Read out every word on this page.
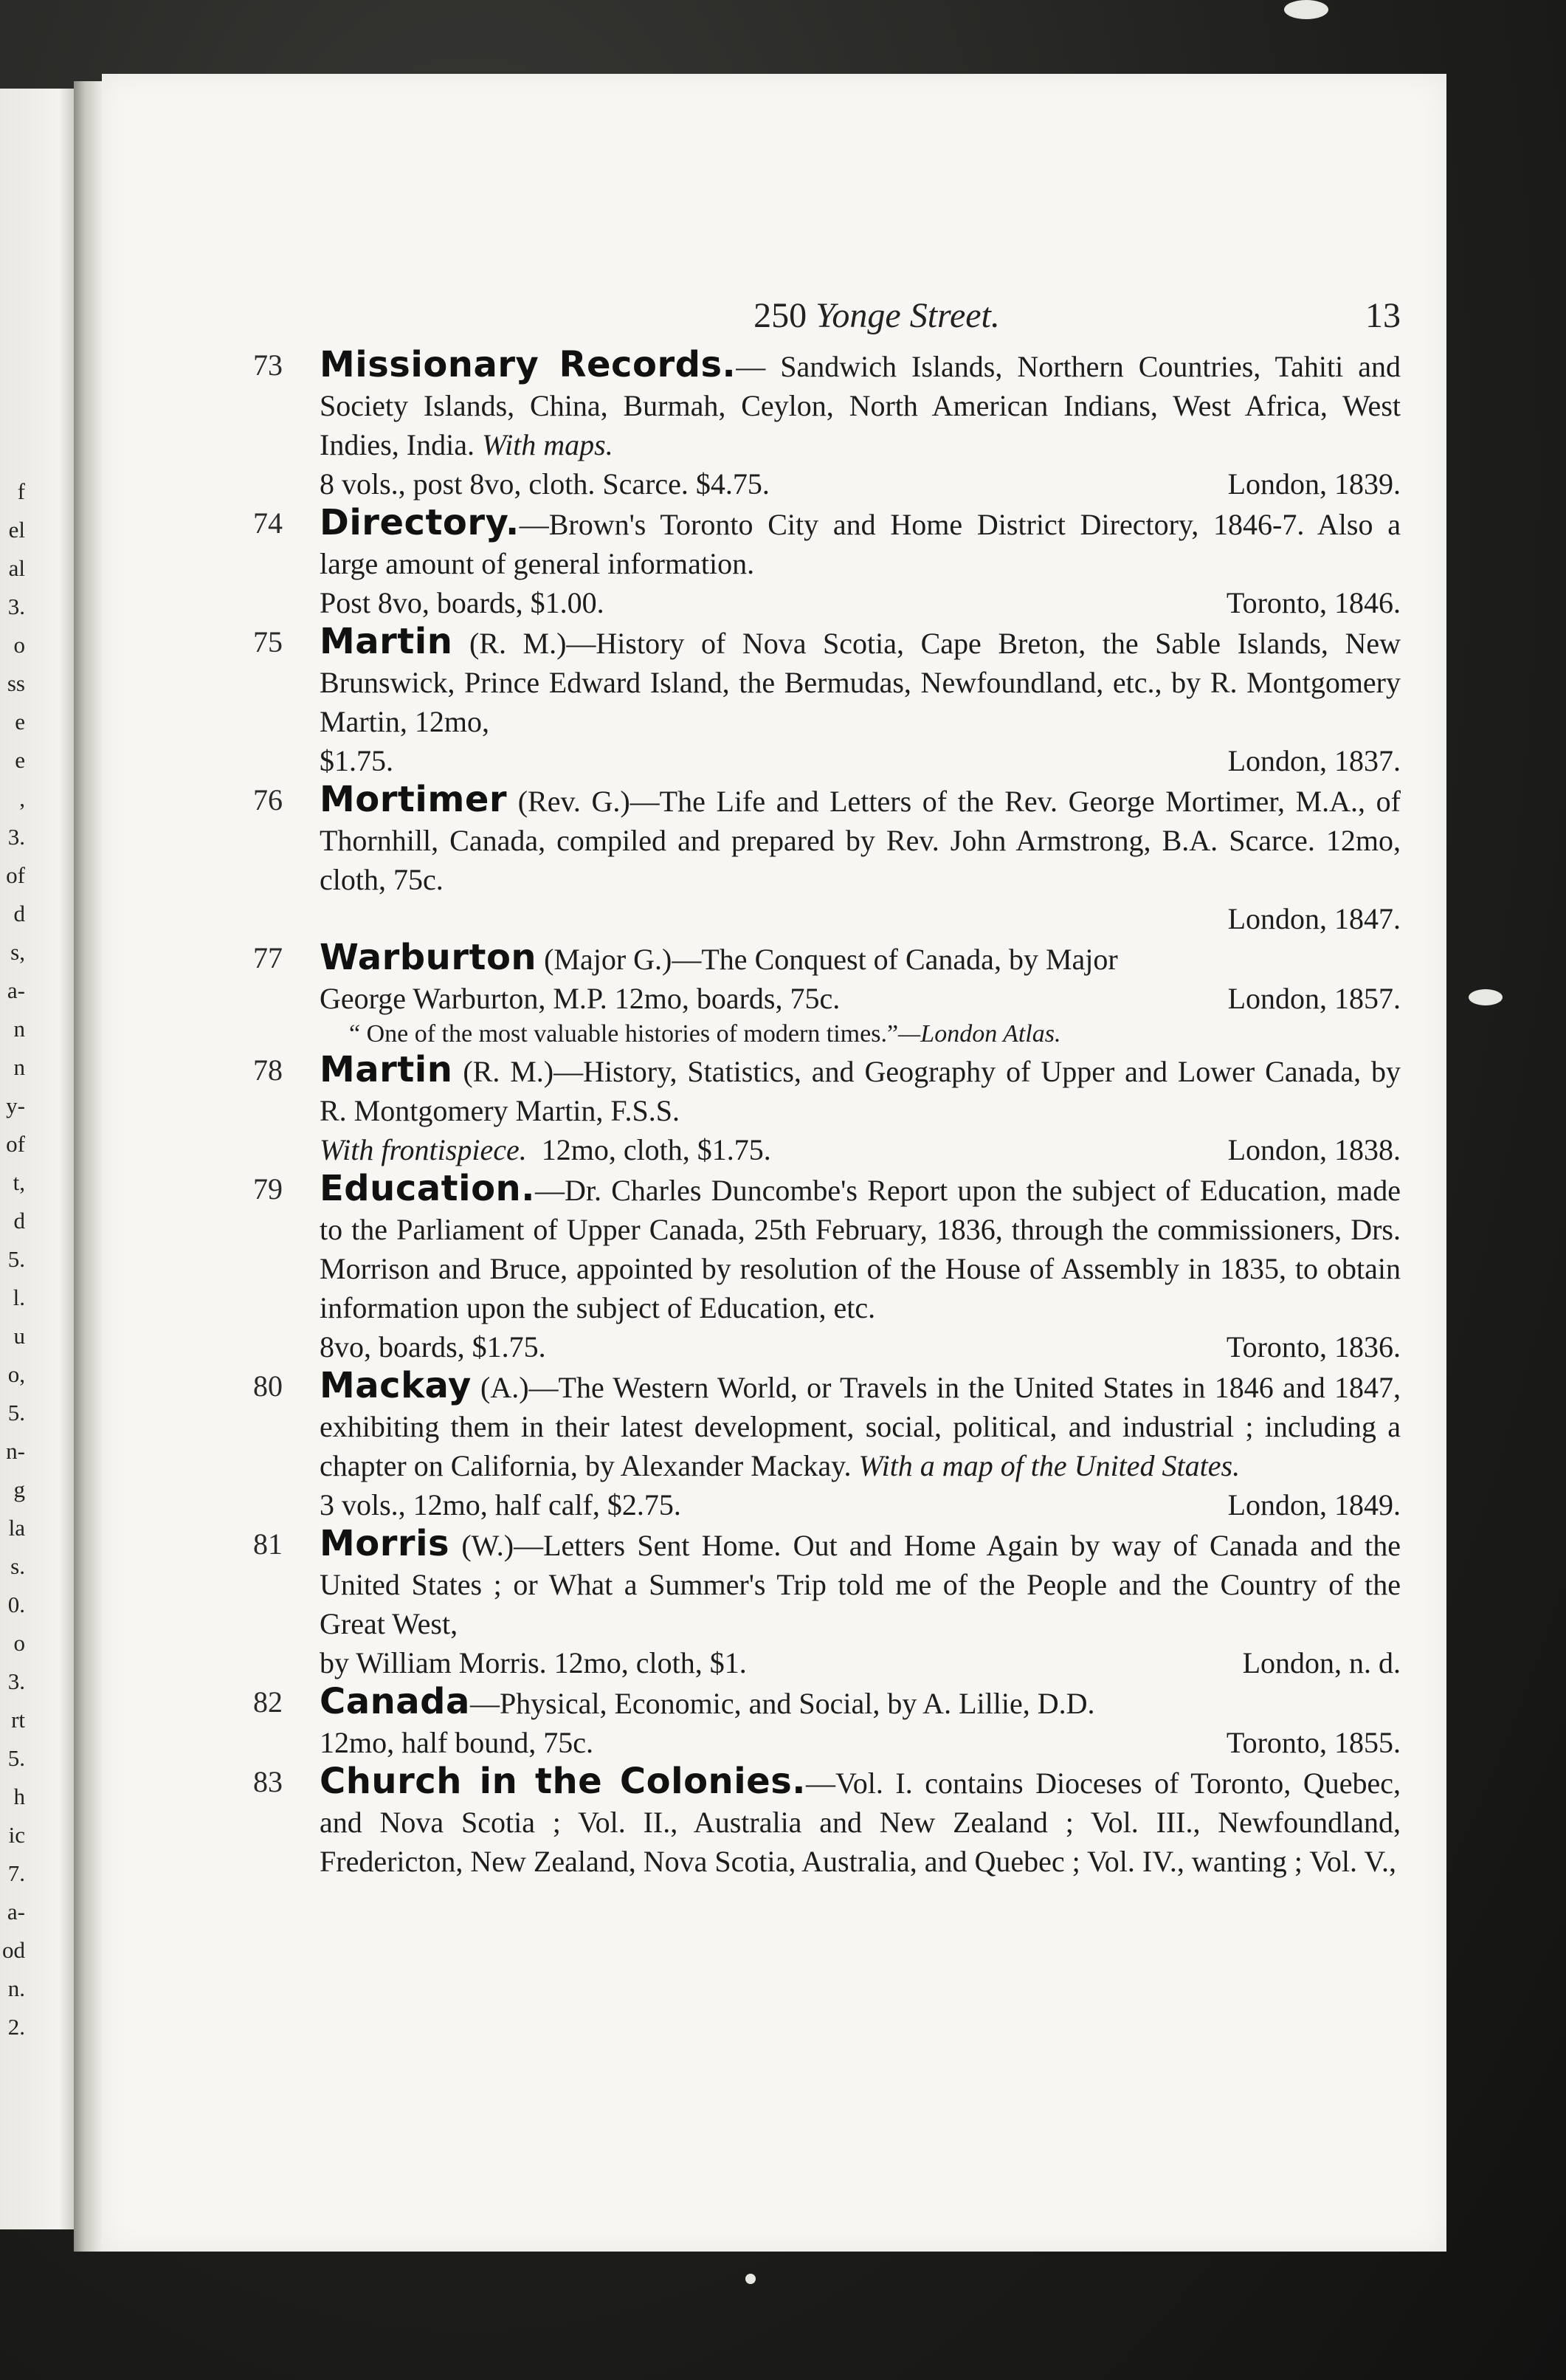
f
el
al
3.
o
ss
e
e
,
3.
of
d
s,
a-
n
n
y-
of
t,
d
5.
l.
u
o,
5.
n-
g
la
s.
0.
o
3.
rt
5.
h
ic
7.
a-
od
n.
2.
250 Yonge Street.	13

73	Missionary Records.— Sandwich Islands, Northern Countries, Tahiti and Society Islands, China, Burmah, Ceylon, North American Indians, West Africa, West Indies, India. With maps.
8 vols., post 8vo, cloth. Scarce. $4.75.	London, 1839.

74	Directory.—Brown's Toronto City and Home District Directory, 1846-7. Also a large amount of general information.
Post 8vo, boards, $1.00.	Toronto, 1846.

75	Martin (R. M.)—History of Nova Scotia, Cape Breton, the Sable Islands, New Brunswick, Prince Edward Island, the Bermudas, Newfoundland, etc., by R. Montgomery Martin, 12mo,
$1.75.	London, 1837.

76	Mortimer (Rev. G.)—The Life and Letters of the Rev. George Mortimer, M.A., of Thornhill, Canada, compiled and prepared by Rev. John Armstrong, B.A. Scarce. 12mo, cloth, 75c.
London, 1847.

77	Warburton (Major G.)—The Conquest of Canada, by Major
George Warburton, M.P. 12mo, boards, 75c.	London, 1857.
“ One of the most valuable histories of modern times.”—London Atlas.

78	Martin (R. M.)—History, Statistics, and Geography of Upper and Lower Canada, by R. Montgomery Martin, F.S.S.
With frontispiece. 12mo, cloth, $1.75.	London, 1838.

79	Education.—Dr. Charles Duncombe's Report upon the subject of Education, made to the Parliament of Upper Canada, 25th February, 1836, through the commissioners, Drs. Morrison and Bruce, appointed by resolution of the House of Assembly in 1835, to obtain information upon the subject of Education, etc.
8vo, boards, $1.75.	Toronto, 1836.

80	Mackay (A.)—The Western World, or Travels in the United States in 1846 and 1847, exhibiting them in their latest development, social, political, and industrial ; including a chapter on California, by Alexander Mackay. With a map of the United States.
3 vols., 12mo, half calf, $2.75.	London, 1849.

81	Morris (W.)—Letters Sent Home. Out and Home Again by way of Canada and the United States ; or What a Summer's Trip told me of the People and the Country of the Great West,
by William Morris. 12mo, cloth, $1.	London, n. d.

82	Canada—Physical, Economic, and Social, by A. Lillie, D.D.
12mo, half bound, 75c.	Toronto, 1855.

83	Church in the Colonies.—Vol. I. contains Dioceses of Toronto, Quebec, and Nova Scotia ; Vol. II., Australia and New Zealand ; Vol. III., Newfoundland, Fredericton, New Zealand, Nova Scotia, Australia, and Quebec ; Vol. IV., wanting ; Vol. V.,
